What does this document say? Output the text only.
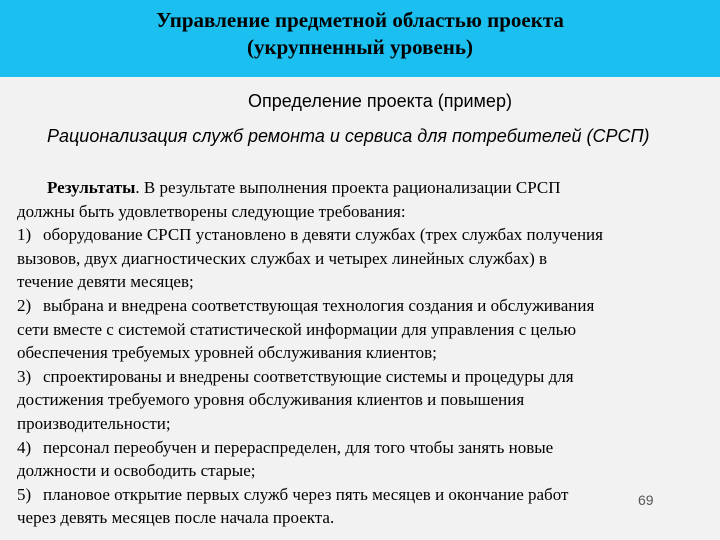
Управление предметной областью проекта
(укрупненный уровень)
Определение проекта (пример)
Рационализация служб ремонта и сервиса для потребителей (СРСП)
Результаты. В результате выполнения проекта рационализации СРСП
должны быть удовлетворены следующие требования:
1) оборудование СРСП установлено в девяти службах (трех службах получения
вызовов, двух диагностических службах и четырех линейных службах) в
течение девяти месяцев;
2) выбрана и внедрена соответствующая технология создания и обслуживания
сети вместе с системой статистической информации для управления с целью
обеспечения требуемых уровней обслуживания клиентов;
3) спроектированы и внедрены соответствующие системы и процедуры для
достижения требуемого уровня обслуживания клиентов и повышения
производительности;
4) персонал переобучен и перераспределен, для того чтобы занять новые
должности и освободить старые;
5) плановое открытие первых служб через пять месяцев и окончание работ
через девять месяцев после начала проекта.
69
